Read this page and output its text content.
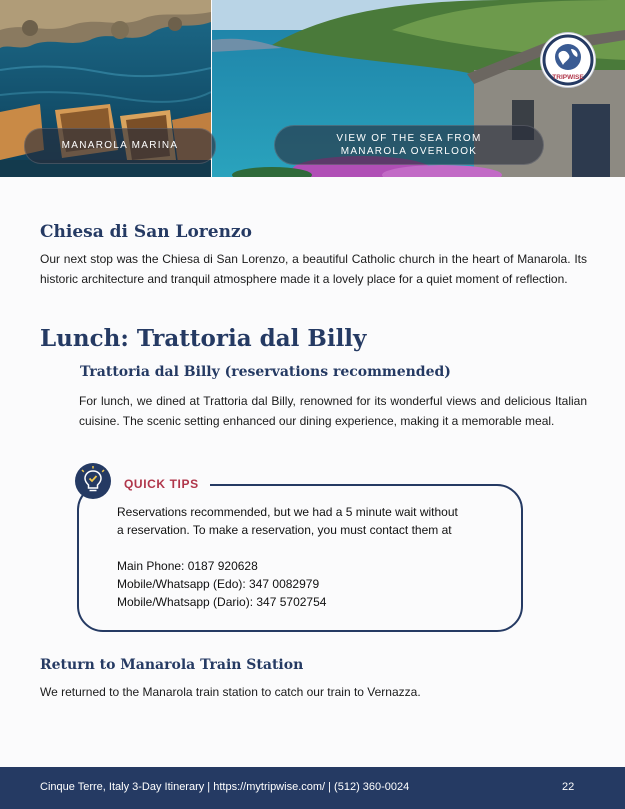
MANAROLA MARINA
VIEW OF THE SEA FROM
MANAROLA OVERLOOK
TRIPWISE
Chiesa di San Lorenzo
Our next stop was the Chiesa di San Lorenzo, a beautiful Catholic church in the heart of Manarola. Its historic architecture and tranquil atmosphere made it a lovely place for a quiet moment of reflection.
Lunch: Trattoria dal Billy
Trattoria dal Billy (reservations recommended)
For lunch, we dined at Trattoria dal Billy, renowned for its wonderful views and delicious Italian cuisine. The scenic setting enhanced our dining experience, making it a memorable meal.
QUICK TIPS
Reservations recommended, but we had a 5 minute wait without
a reservation. To make a reservation, you must contact them at
Main Phone: 0187 920628
Mobile/Whatsapp (Edo): 347 0082979
Mobile/Whatsapp (Dario): 347 5702754
Return to Manarola Train Station
We returned to the Manarola train station to catch our train to Vernazza.
Cinque Terre, Italy 3-Day Itinerary | https://mytripwise.com/ | (512) 360-0024	22
